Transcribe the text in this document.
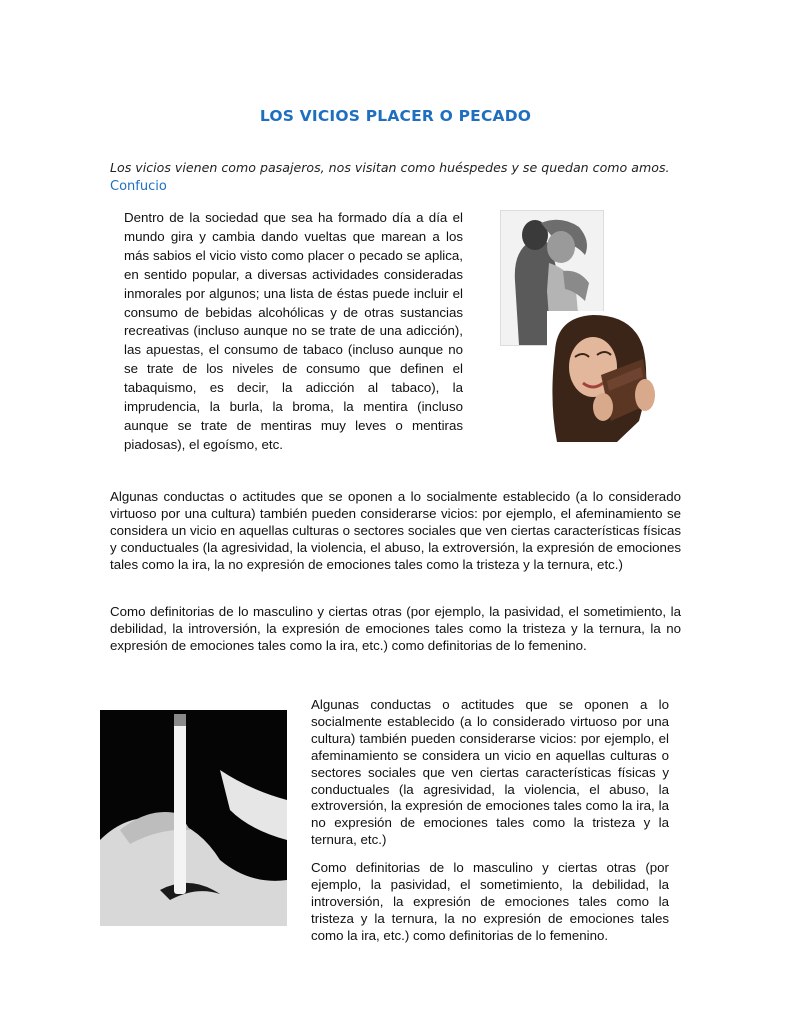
LOS VICIOS PLACER O PECADO

Los vicios vienen como pasajeros, nos visitan como huéspedes y se quedan como amos.

Confucio

Dentro de la sociedad que sea ha formado día a día el mundo gira y cambia dando vueltas que marean a los más sabios el vicio visto como placer o pecado se aplica, en sentido popular, a diversas actividades consideradas inmorales por algunos; una lista de éstas puede incluir el consumo de bebidas alcohólicas y de otras sustancias recreativas (incluso aunque no se trate de una adicción), las apuestas, el consumo de tabaco (incluso aunque no se trate de los niveles de consumo que definen el tabaquismo, es decir, la adicción al tabaco), la imprudencia, la burla, la broma, la mentira (incluso aunque se trate de mentiras muy leves o mentiras piadosas), el egoísmo, etc.

Algunas conductas o actitudes que se oponen a lo socialmente establecido (a lo considerado virtuoso por una cultura) también pueden considerarse vicios: por ejemplo, el afeminamiento se considera un vicio en aquellas culturas o sectores sociales que ven ciertas características físicas y conductuales (la agresividad, la violencia, el abuso, la extroversión, la expresión de emociones tales como la ira, la no expresión de emociones tales como la tristeza y la ternura, etc.)

Como definitorias de lo masculino y ciertas otras (por ejemplo, la pasividad, el sometimiento, la debilidad, la introversión, la expresión de emociones tales como la tristeza y la ternura, la no expresión de emociones tales como la ira, etc.) como definitorias de lo femenino.

Algunas conductas o actitudes que se oponen a lo socialmente establecido (a lo considerado virtuoso por una cultura) también pueden considerarse vicios: por ejemplo, el afeminamiento se considera un vicio en aquellas culturas o sectores sociales que ven ciertas características físicas y conductuales (la agresividad, la violencia, el abuso, la extroversión, la expresión de emociones tales como la ira, la no expresión de emociones tales como la tristeza y la ternura, etc.)

Como definitorias de lo masculino y ciertas otras (por ejemplo, la pasividad, el sometimiento, la debilidad, la introversión, la expresión de emociones tales como la tristeza y la ternura, la no expresión de emociones tales como la ira, etc.) como definitorias de lo femenino.
